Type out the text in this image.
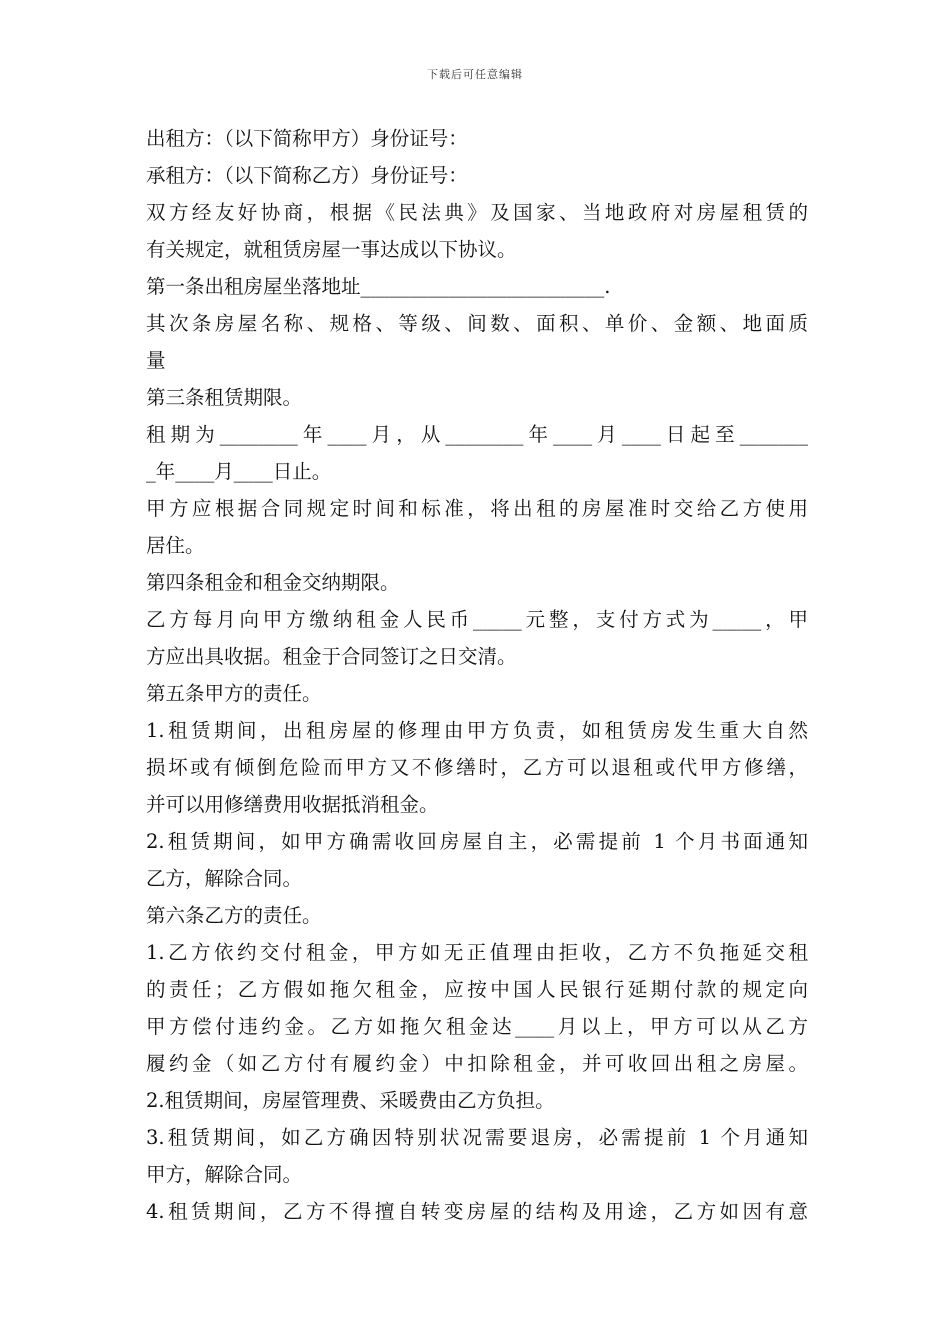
下载后可任意编辑
出租方：（以下简称甲方）身份证号：
承租方：（以下简称乙方）身份证号：
双方经友好协商，根据《民法典》及国家、当地政府对房屋租赁的
有关规定，就租赁房屋一事达成以下协议。
第一条出租房屋坐落地址_________________________.
其次条房屋名称、规格、等级、间数、面积、单价、金额、地面质
量
第三条租赁期限。
租期为________年____月，从________年____月____日起至_______
_年____月____日止。
甲方应根据合同规定时间和标准，将出租的房屋准时交给乙方使用
居住。
第四条租金和租金交纳期限。
乙方每月向甲方缴纳租金人民币_____元整，支付方式为_____，甲
方应出具收据。租金于合同签订之日交清。
第五条甲方的责任。
1.租赁期间，出租房屋的修理由甲方负责，如租赁房发生重大自然
损坏或有倾倒危险而甲方又不修缮时，乙方可以退租或代甲方修缮，
并可以用修缮费用收据抵消租金。
2.租赁期间，如甲方确需收回房屋自主，必需提前 1 个月书面通知
乙方，解除合同。
第六条乙方的责任。
1.乙方依约交付租金，甲方如无正值理由拒收，乙方不负拖延交租
的责任；乙方假如拖欠租金，应按中国人民银行延期付款的规定向
甲方偿付违约金。乙方如拖欠租金达____月以上，甲方可以从乙方
履约金（如乙方付有履约金）中扣除租金，并可收回出租之房屋。
2.租赁期间，房屋管理费、采暖费由乙方负担。
3.租赁期间，如乙方确因特别状况需要退房，必需提前 1 个月通知
甲方，解除合同。
4.租赁期间，乙方不得擅自转变房屋的结构及用途，乙方如因有意
